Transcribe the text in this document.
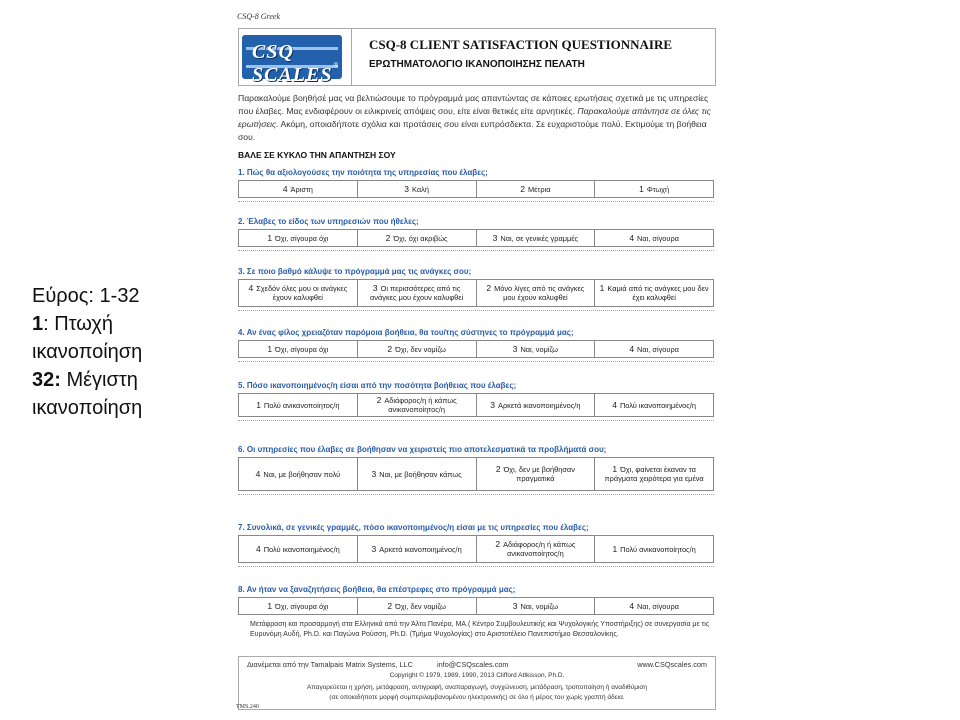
Εύρος: 1-32
1: Πτωχή ικανοποίηση
32: Μέγιστη ικανοποίηση
CSQ-8 Greek
CSQ SCALES ®
CSQ-8 CLIENT SATISFACTION QUESTIONNAIRE
ΕΡΩΤΗΜΑΤΟΛΟΓΙΟ ΙΚΑΝΟΠΟΙΗΣΗΣ ΠΕΛΑΤΗ
Παρακαλούμε βοηθήσέ μας να βελτιώσουμε το πρόγραμμά μας απαντώντας σε κάποιες ερωτήσεις σχετικά με τις υπηρεσίες που έλαβες. Μας ενδιαφέρουν οι ειλικρινείς απόψεις σου, είτε είναι θετικές είτε αρνητικές. Παρακαλούμε απάντησε σε όλες τις ερωτήσεις. Ακόμη, οποιαδήποτε σχόλια και προτάσεις σου είναι ευπρόσδεκτα. Σε ευχαριστούμε πολύ. Εκτιμούμε τη βοήθεια σου.
ΒΑΛΕ ΣΕ ΚΥΚΛΟ ΤΗΝ ΑΠΑΝΤΗΣΗ ΣΟΥ
1. Πώς θα αξιολογούσες την ποιότητα της υπηρεσίας που έλαβες;
4 Άριστη	3 Καλή	2 Μέτρια	1 Φτωχή
2. Έλαβες το είδος των υπηρεσιών που ήθελες;
1 Όχι, σίγουρα όχι	2 Όχι, όχι ακριβώς	3 Ναι, σε γενικές γραμμές	4 Ναι, σίγουρα
3. Σε ποιο βαθμό κάλυψε το πρόγραμμά μας τις ανάγκες σου;
4 Σχεδόν όλες μου οι ανάγκες έχουν καλυφθεί	3 Οι περισσότερες από τις ανάγκες μου έχουν καλυφθεί	2 Μόνο λίγες από τις ανάγκες μου έχουν καλυφθεί	1 Καμιά από τις ανάγκες μου δεν έχει καλυφθεί
4. Αν ένας φίλος χρειαζόταν παρόμοια βοήθεια, θα του/της σύστηνες το πρόγραμμά μας;
1 Όχι, σίγουρα όχι	2 Όχι, δεν νομίζω	3 Ναι, νομίζω	4 Ναι, σίγουρα
5. Πόσο ικανοποιημένος/η είσαι από την ποσότητα βοήθειας που έλαβες;
1 Πολύ ανικανοποίητος/η	2 Αδιάφορος/η ή κάπως ανικανοποίητος/η	3 Αρκετά ικανοποιημένος/η	4 Πολύ ικανοποιημένος/η
6. Οι υπηρεσίες που έλαβες σε βοήθησαν να χειριστείς πιο αποτελεσματικά τα προβλήματά σου;
4 Ναι, με βοήθησαν πολύ	3 Ναι, με βοήθησαν κάπως	2 Όχι, δεν με βοήθησαν πραγματικά	1 Όχι, φαίνεται έκαναν τα πράγματα χειρότερα για εμένα
7. Συνολικά, σε γενικές γραμμές, πόσο ικανοποιημένος/η είσαι με τις υπηρεσίες που έλαβες;
4 Πολύ ικανοποιημένος/η	3 Αρκετά ικανοποιημένος/η	2 Αδιάφορος/η ή κάπως ανικανοποίητος/η	1 Πολύ ανικανοποίητος/η
8. Αν ήταν να ξαναζητήσεις βοήθεια, θα επέστρεφες στο πρόγραμμά μας;
1 Όχι, σίγουρα όχι	2 Όχι, δεν νομίζω	3 Ναι, νομίζω	4 Ναι, σίγουρα
Μετάφραση και προσαρμογή στα Ελληνικά από την Άλτα Πανέρα, ΜΑ.( Κέντρο Συμβουλευτικής και Ψυχολογικής Υποστήριξης) σε συνεργασία με τις Ευρυνόμη Αυδή, Ph.D. και Παγώνα Ρούσση, Ph.D. (Τμήμα Ψυχολογίας) στο Αριστοτέλειο Πανεπιστήμιο Θεσσαλονίκης.
Διανέμεται από την Tamalpais Matrix Systems, LLC	info@CSQscales.com	www.CSQscales.com
Copyright © 1979, 1989, 1990, 2013 Clifford Attkisson, Ph.D.
Απαγορεύεται η χρήση, μετάφραση, αντιγραφή, αναπαραγωγή, συγχώνευση, μετάδραση, τροποποίηση ή αναδιθύμιση
(σε οποιαδήποτε μορφή συμπεριλαμβανομένου ηλεκτρονικής) σε όλο ή μέρος του χωρίς γραπτή άδεια.
TMS.240
